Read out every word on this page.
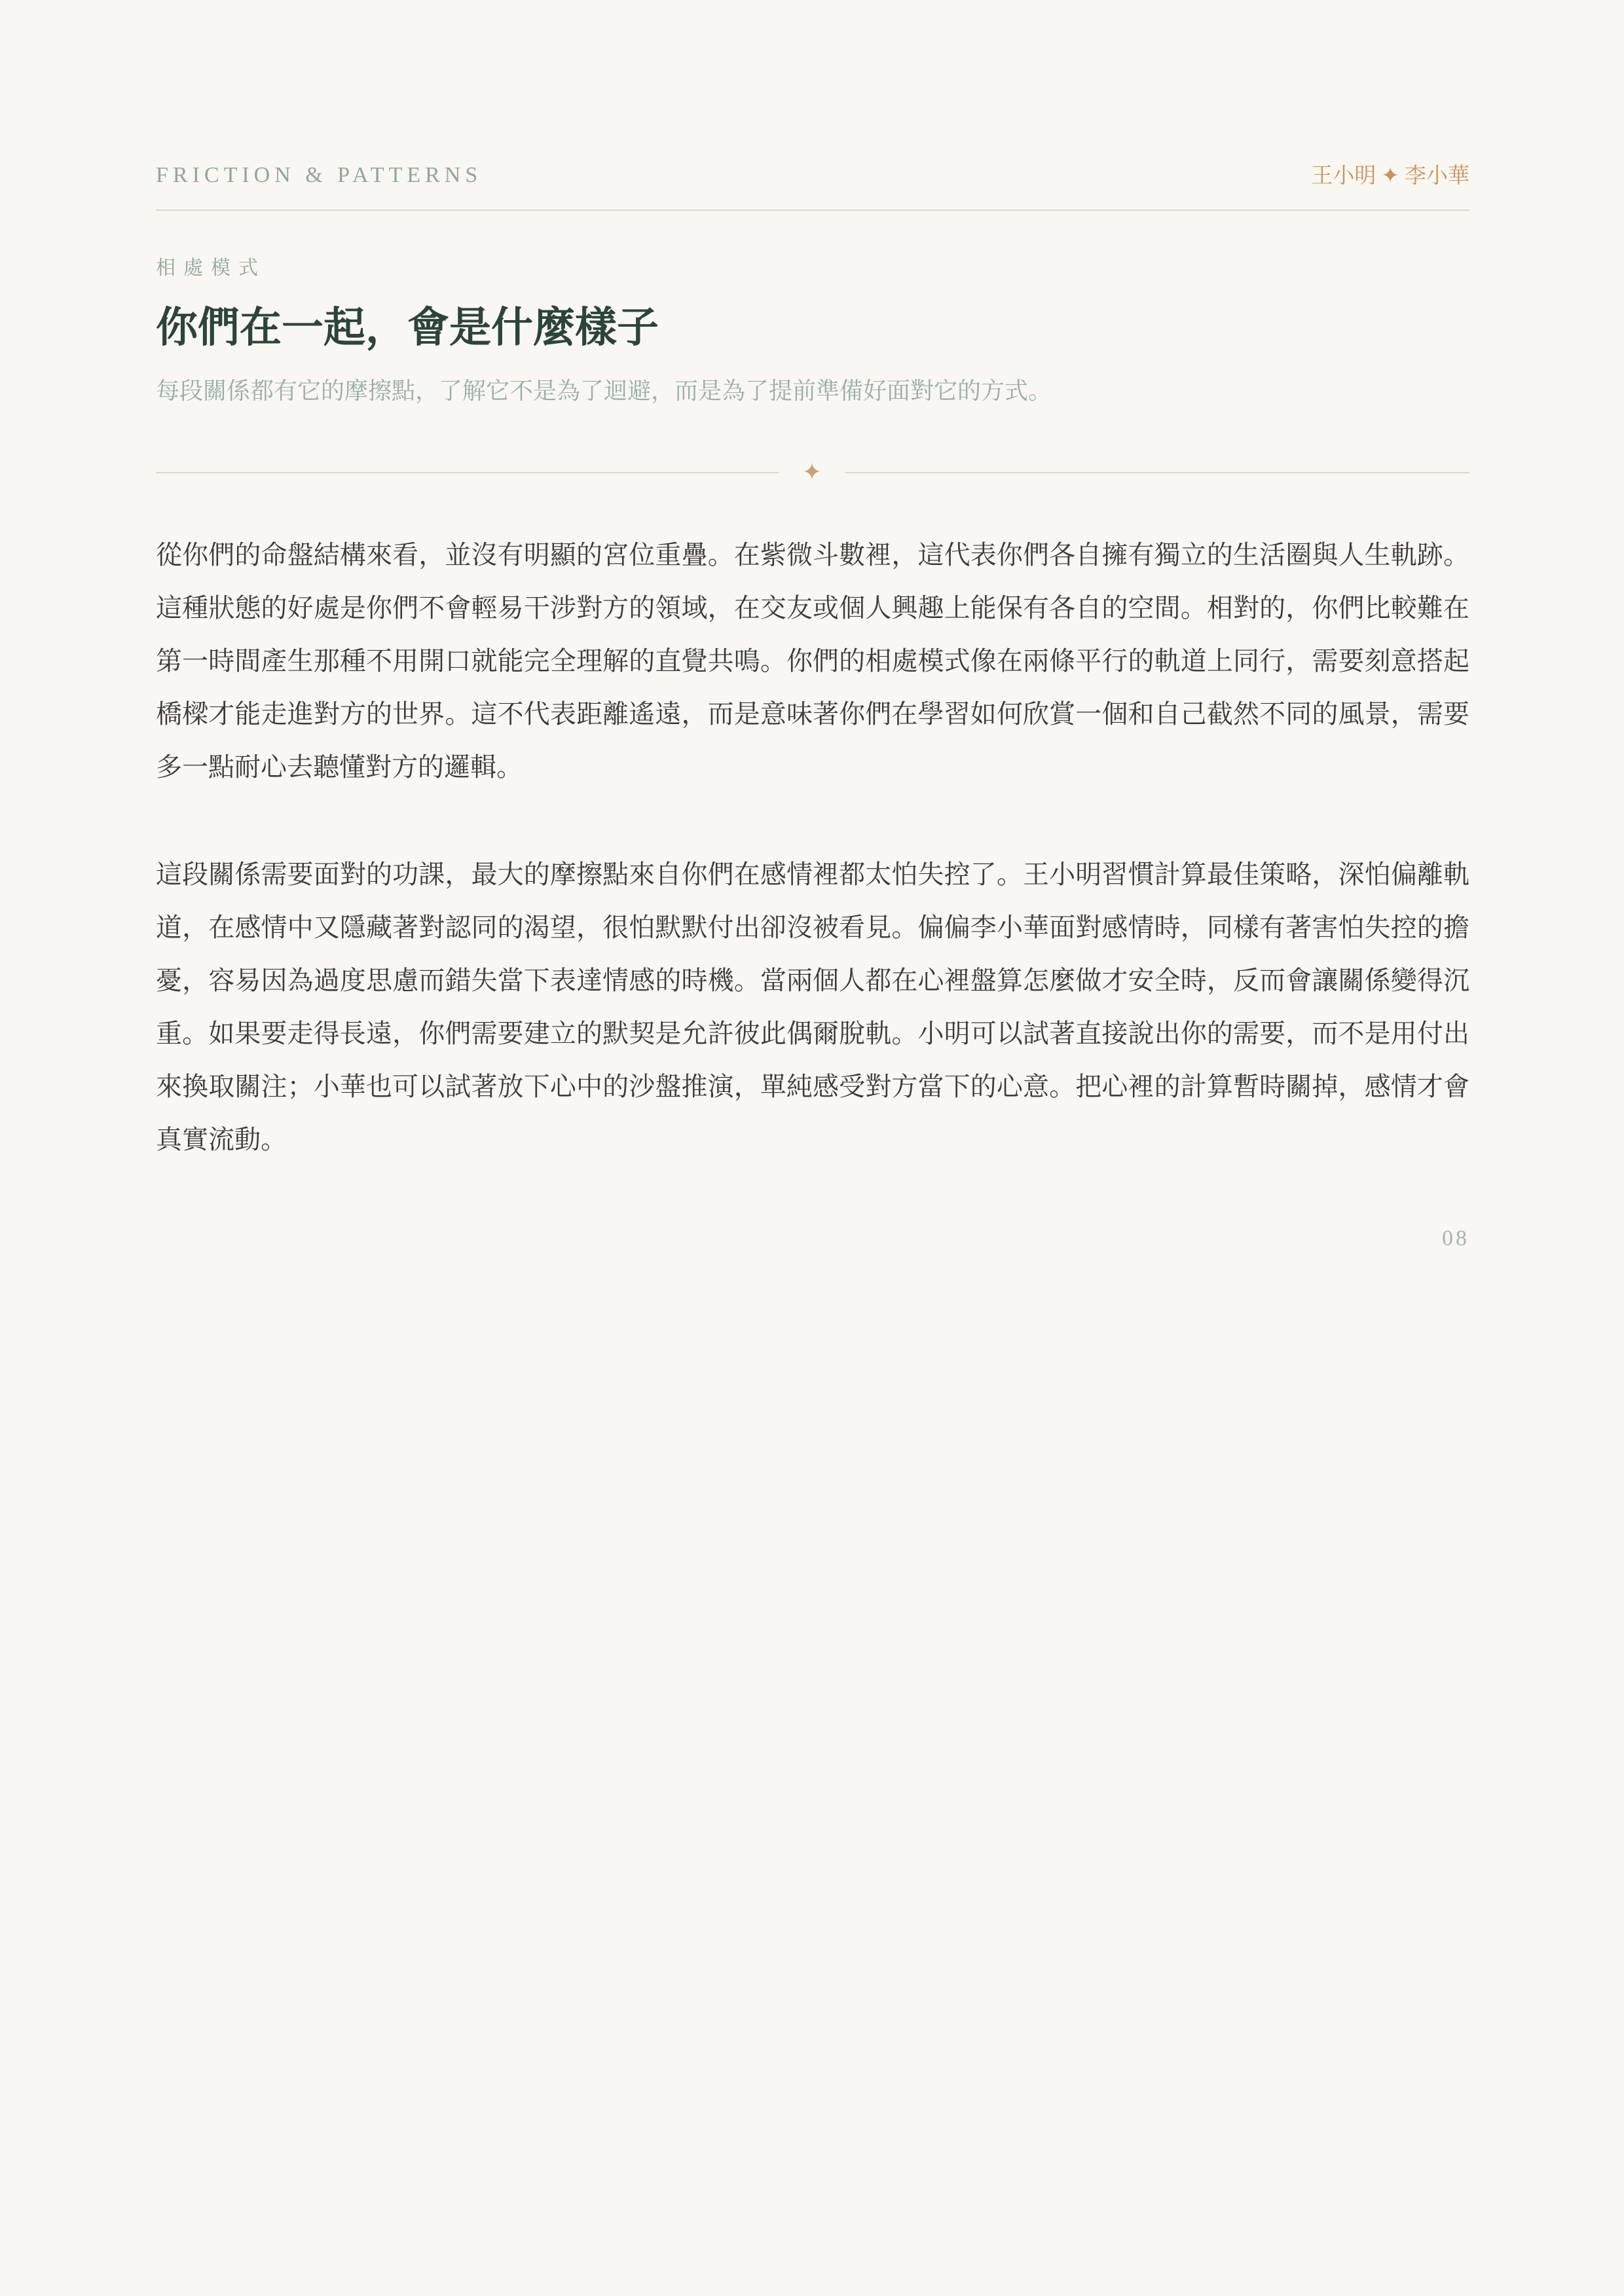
FRICTION & PATTERNS	王小明 ✦ 李小華
相處模式
你們在一起，會是什麼樣子
每段關係都有它的摩擦點，了解它不是為了迴避，而是為了提前準備好面對它的方式。
✦

從你們的命盤結構來看，並沒有明顯的宮位重疊。在紫微斗數裡，這代表你們各自擁有獨立的生活圈與人生軌跡。這種狀態的好處是你們不會輕易干涉對方的領域，在交友或個人興趣上能保有各自的空間。相對的，你們比較難在第一時間產生那種不用開口就能完全理解的直覺共鳴。你們的相處模式像在兩條平行的軌道上同行，需要刻意搭起橋樑才能走進對方的世界。這不代表距離遙遠，而是意味著你們在學習如何欣賞一個和自己截然不同的風景，需要多一點耐心去聽懂對方的邏輯。

這段關係需要面對的功課，最大的摩擦點來自你們在感情裡都太怕失控了。王小明習慣計算最佳策略，深怕偏離軌道，在感情中又隱藏著對認同的渴望，很怕默默付出卻沒被看見。偏偏李小華面對感情時，同樣有著害怕失控的擔憂，容易因為過度思慮而錯失當下表達情感的時機。當兩個人都在心裡盤算怎麼做才安全時，反而會讓關係變得沉重。如果要走得長遠，你們需要建立的默契是允許彼此偶爾脫軌。小明可以試著直接說出你的需要，而不是用付出來換取關注；小華也可以試著放下心中的沙盤推演，單純感受對方當下的心意。把心裡的計算暫時關掉，感情才會真實流動。

08
